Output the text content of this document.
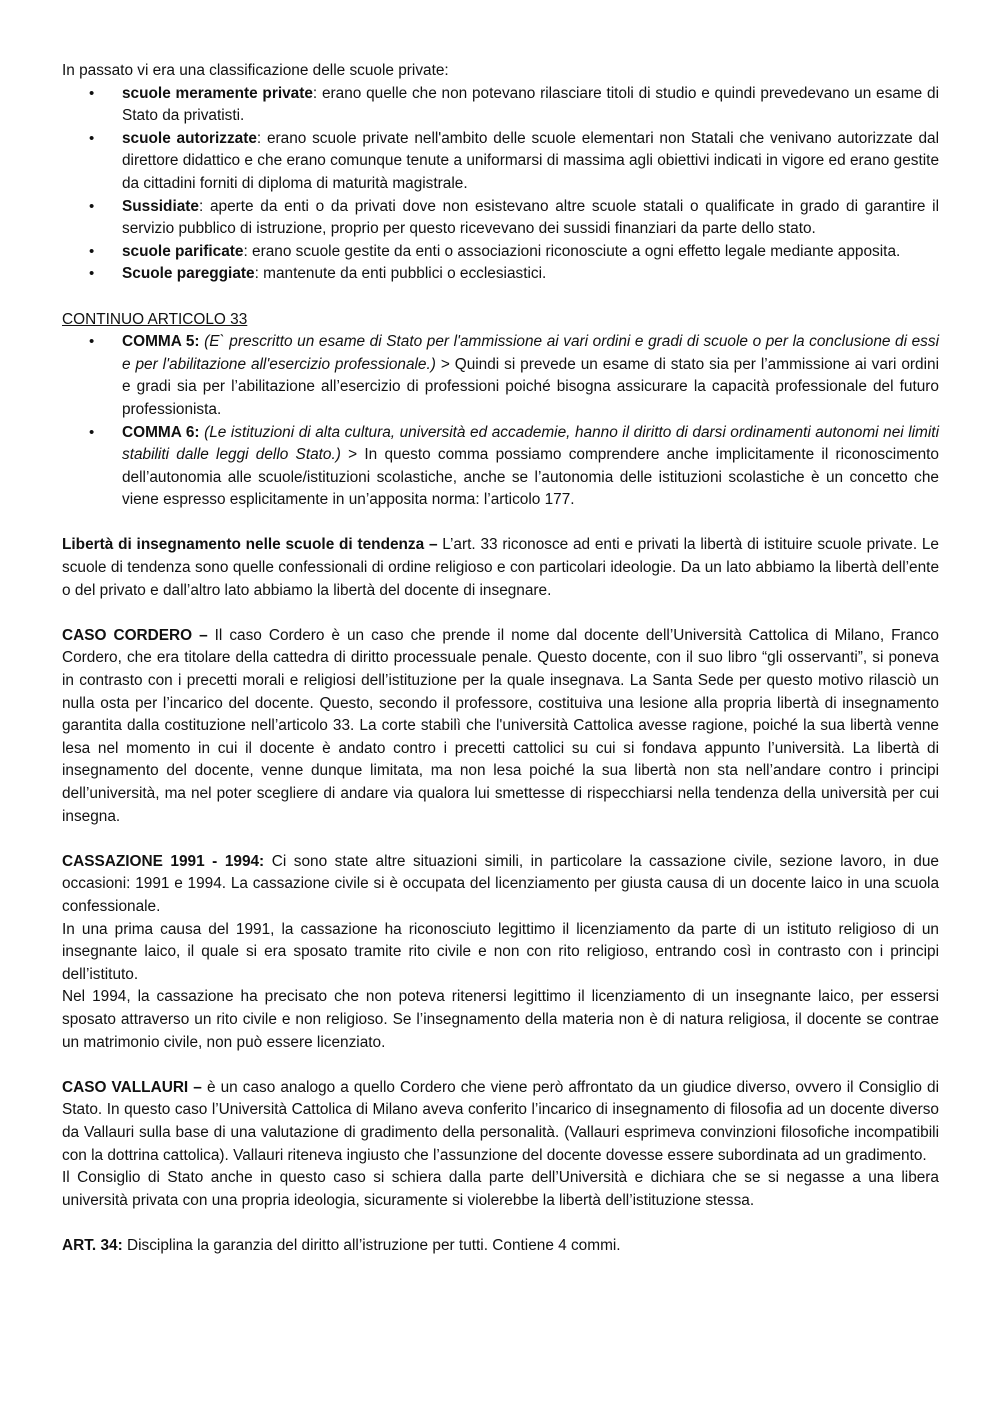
In passato vi era una classificazione delle scuole private:

• scuole meramente private: erano quelle che non potevano rilasciare titoli di studio e quindi prevedevano un esame di Stato da privatisti.
• scuole autorizzate: erano scuole private nell'ambito delle scuole elementari non Statali che venivano autorizzate dal direttore didattico e che erano comunque tenute a uniformarsi di massima agli obiettivi indicati in vigore ed erano gestite da cittadini forniti di diploma di maturità magistrale.
• Sussidiate: aperte da enti o da privati dove non esistevano altre scuole statali o qualificate in grado di garantire il servizio pubblico di istruzione, proprio per questo ricevevano dei sussidi finanziari da parte dello stato.
• scuole parificate: erano scuole gestite da enti o associazioni riconosciute a ogni effetto legale mediante apposita.
• Scuole pareggiate: mantenute da enti pubblici o ecclesiastici.

CONTINUO ARTICOLO 33

• COMMA 5: (E` prescritto un esame di Stato per l'ammissione ai vari ordini e gradi di scuole o per la conclusione di essi e per l'abilitazione all'esercizio professionale.) > Quindi si prevede un esame di stato sia per l’ammissione ai vari ordini e gradi sia per l’abilitazione all’esercizio di professioni poiché bisogna assicurare la capacità professionale del futuro professionista.
• COMMA 6: (Le istituzioni di alta cultura, università ed accademie, hanno il diritto di darsi ordinamenti autonomi nei limiti stabiliti dalle leggi dello Stato.) > In questo comma possiamo comprendere anche implicitamente il riconoscimento dell’autonomia alle scuole/istituzioni scolastiche, anche se l’autonomia delle istituzioni scolastiche è un concetto che viene espresso esplicitamente in un’apposita norma: l’articolo 177.

Libertà di insegnamento nelle scuole di tendenza – L’art. 33 riconosce ad enti e privati la libertà di istituire scuole private. Le scuole di tendenza sono quelle confessionali di ordine religioso e con particolari ideologie. Da un lato abbiamo la libertà dell’ente o del privato e dall’altro lato abbiamo la libertà del docente di insegnare.

CASO CORDERO – Il caso Cordero è un caso che prende il nome dal docente dell’Università Cattolica di Milano, Franco Cordero, che era titolare della cattedra di diritto processuale penale. Questo docente, con il suo libro “gli osservanti”, si poneva in contrasto con i precetti morali e religiosi dell’istituzione per la quale insegnava. La Santa Sede per questo motivo rilasciò un nulla osta per l’incarico del docente. Questo, secondo il professore, costituiva una lesione alla propria libertà di insegnamento garantita dalla costituzione nell’articolo 33. La corte stabilì che l'università Cattolica avesse ragione, poiché la sua libertà venne lesa nel momento in cui il docente è andato contro i precetti cattolici su cui si fondava appunto l’università. La libertà di insegnamento del docente, venne dunque limitata, ma non lesa poiché la sua libertà non sta nell’andare contro i principi dell’università, ma nel poter scegliere di andare via qualora lui smettesse di rispecchiarsi nella tendenza della università per cui insegna.

CASSAZIONE 1991 - 1994: Ci sono state altre situazioni simili, in particolare la cassazione civile, sezione lavoro, in due occasioni: 1991 e 1994. La cassazione civile si è occupata del licenziamento per giusta causa di un docente laico in una scuola confessionale.

In una prima causa del 1991, la cassazione ha riconosciuto legittimo il licenziamento da parte di un istituto religioso di un insegnante laico, il quale si era sposato tramite rito civile e non con rito religioso, entrando così in contrasto con i principi dell’istituto.

Nel 1994, la cassazione ha precisato che non poteva ritenersi legittimo il licenziamento di un insegnante laico, per essersi sposato attraverso un rito civile e non religioso. Se l’insegnamento della materia non è di natura religiosa, il docente se contrae un matrimonio civile, non può essere licenziato.

CASO VALLAURI – è un caso analogo a quello Cordero che viene però affrontato da un giudice diverso, ovvero il Consiglio di Stato. In questo caso l’Università Cattolica di Milano aveva conferito l’incarico di insegnamento di filosofia ad un docente diverso da Vallauri sulla base di una valutazione di gradimento della personalità. (Vallauri esprimeva convinzioni filosofiche incompatibili con la dottrina cattolica). Vallauri riteneva ingiusto che l’assunzione del docente dovesse essere subordinata ad un gradimento.

Il Consiglio di Stato anche in questo caso si schiera dalla parte dell’Università e dichiara che se si negasse a una libera università privata con una propria ideologia, sicuramente si violerebbe la libertà dell’istituzione stessa.

ART. 34: Disciplina la garanzia del diritto all’istruzione per tutti. Contiene 4 commi.
